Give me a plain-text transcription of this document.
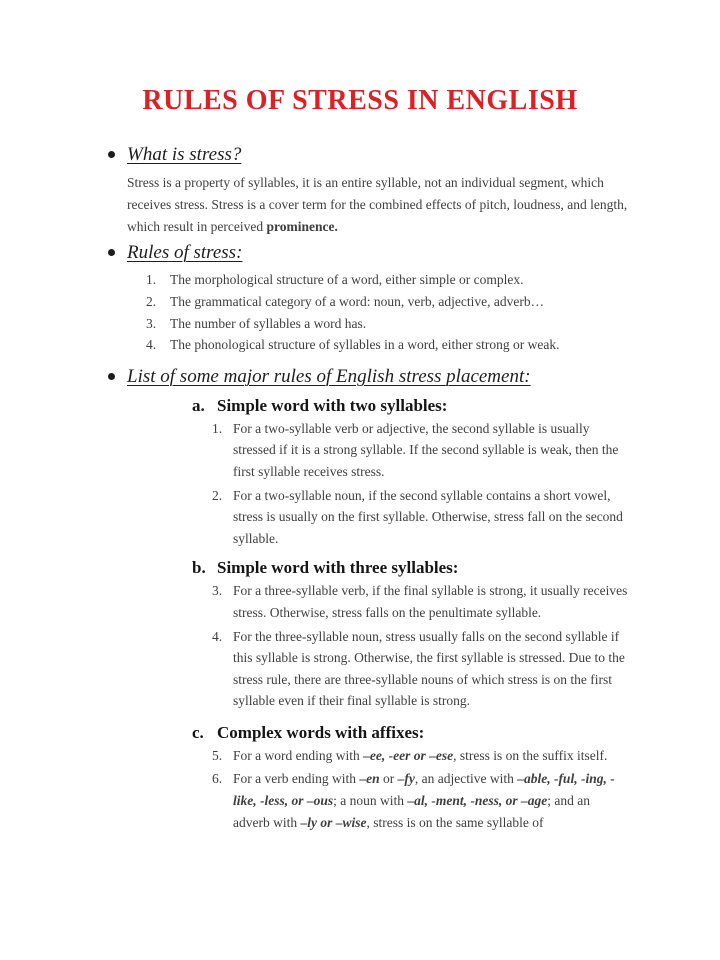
RULES OF STRESS IN ENGLISH
What is stress?

Stress is a property of syllables, it is an entire syllable, not an individual segment, which receives stress. Stress is a cover term for the combined effects of pitch, loudness, and length, which result in perceived prominence.

Rules of stress:
1.	The morphological structure of a word, either simple or complex.
2.	The grammatical category of a word: noun, verb, adjective, adverb…
3.	The number of syllables a word has.
4.	The phonological structure of syllables in a word, either strong or weak.
List of some major rules of English stress placement:
a. Simple word with two syllables:
1. For a two-syllable verb or adjective, the second syllable is usually stressed if it is a strong syllable. If the second syllable is weak, then the first syllable receives stress.
2. For a two-syllable noun, if the second syllable contains a short vowel, stress is usually on the first syllable. Otherwise, stress fall on the second syllable.
b. Simple word with three syllables:
3. For a three-syllable verb, if the final syllable is strong, it usually receives stress. Otherwise, stress falls on the penultimate syllable.
4. For the three-syllable noun, stress usually falls on the second syllable if this syllable is strong. Otherwise, the first syllable is stressed. Due to the stress rule, there are three-syllable nouns of which stress is on the first syllable even if their final syllable is strong.
c. Complex words with affixes:
5. For a word ending with –ee, -eer or –ese, stress is on the suffix itself.
6. For a verb ending with –en or –fy, an adjective with –able, -ful, -ing, -like, -less, or –ous; a noun with –al, -ment, -ness, or –age; and an adverb with –ly or –wise, stress is on the same syllable of
